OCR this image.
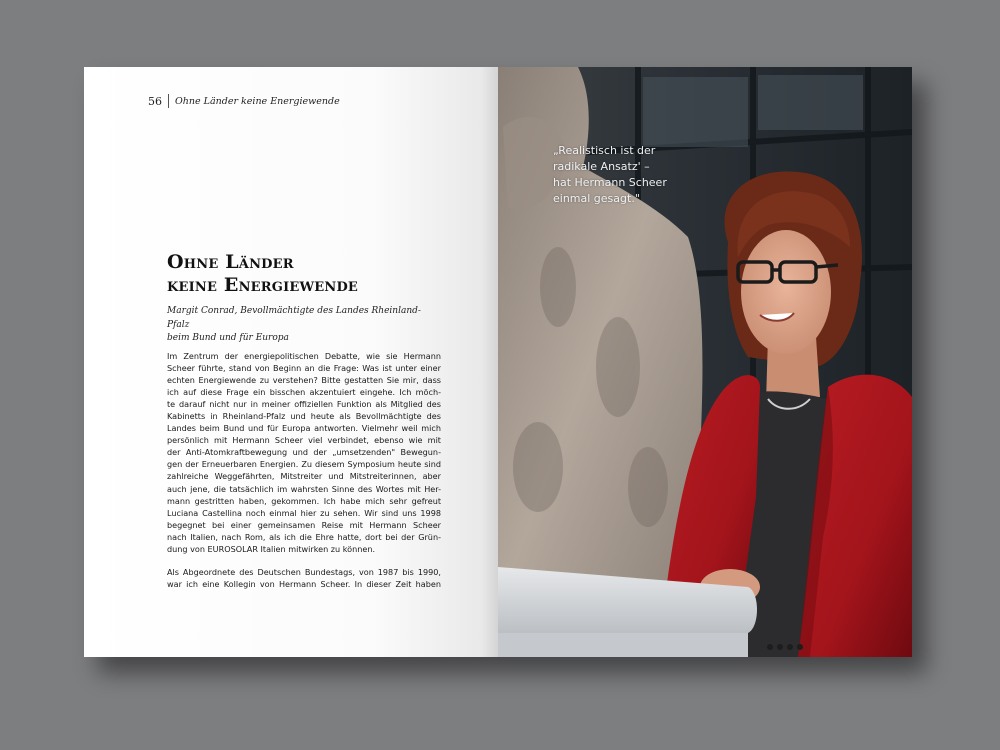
56 Ohne Länder keine Energiewende
Ohne Länder
keine Energiewende
Margit Conrad, Bevollmächtigte des Landes Rheinland-Pfalz
beim Bund und für Europa
Im Zentrum der energiepolitischen Debatte, wie sie Hermann
Scheer führte, stand von Beginn an die Frage: Was ist unter einer
echten Energiewende zu verstehen? Bitte gestatten Sie mir, dass
ich auf diese Frage ein bisschen akzentuiert eingehe. Ich möch-
te darauf nicht nur in meiner offiziellen Funktion als Mitglied des
Kabinetts in Rheinland-Pfalz und heute als Bevollmächtigte des
Landes beim Bund und für Europa antworten. Vielmehr weil mich
persönlich mit Hermann Scheer viel verbindet, ebenso wie mit
der Anti-Atomkraftbewegung und der „umsetzenden" Bewegun-
gen der Erneuerbaren Energien. Zu diesem Symposium heute sind
zahlreiche Weggefährten, Mitstreiter und Mitstreiterinnen, aber
auch jene, die tatsächlich im wahrsten Sinne des Wortes mit Her-
mann gestritten haben, gekommen. Ich habe mich sehr gefreut
Luciana Castellina noch einmal hier zu sehen. Wir sind uns 1998
begegnet bei einer gemeinsamen Reise mit Hermann Scheer
nach Italien, nach Rom, als ich die Ehre hatte, dort bei der Grün-
dung von EUROSOLAR Italien mitwirken zu können.
Als Abgeordnete des Deutschen Bundestags, von 1987 bis 1990,
war ich eine Kollegin von Hermann Scheer. In dieser Zeit haben
„Realistisch ist der
radikale Ansatz' –
hat Hermann Scheer
einmal gesagt."
